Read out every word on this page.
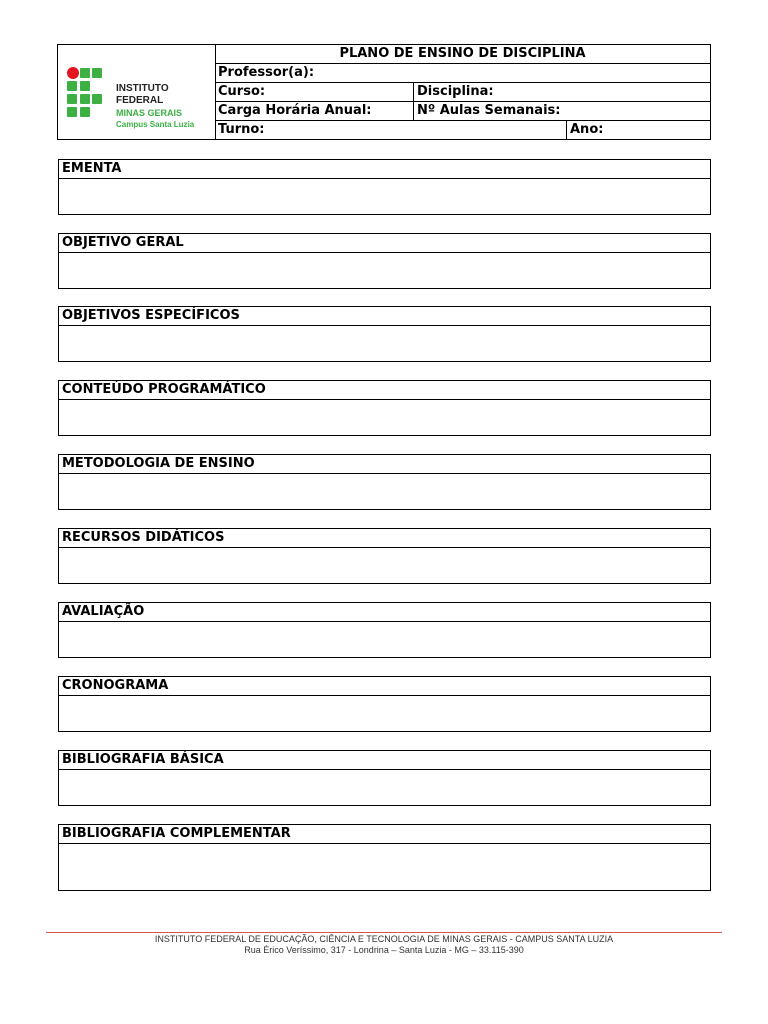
INSTITUTO FEDERAL
MINAS GERAIS
Campus Santa Luzia
PLANO DE ENSINO DE DISCIPLINA
Professor(a):
Curso:	Disciplina:
Carga Horária Anual:	Nº Aulas Semanais:
Turno:	Ano:
EMENTA
OBJETIVO GERAL
OBJETIVOS ESPECÍFICOS
CONTEÚDO PROGRAMÁTICO
METODOLOGIA DE ENSINO
RECURSOS DIDÁTICOS
AVALIAÇÃO
CRONOGRAMA
BIBLIOGRAFIA BÁSICA
BIBLIOGRAFIA COMPLEMENTAR
INSTITUTO FEDERAL DE EDUCAÇÃO, CIÊNCIA E TECNOLOGIA DE MINAS GERAIS - CAMPUS SANTA LUZIA
Rua Érico Veríssimo, 317 - Londrina – Santa Luzia - MG – 33.115-390
